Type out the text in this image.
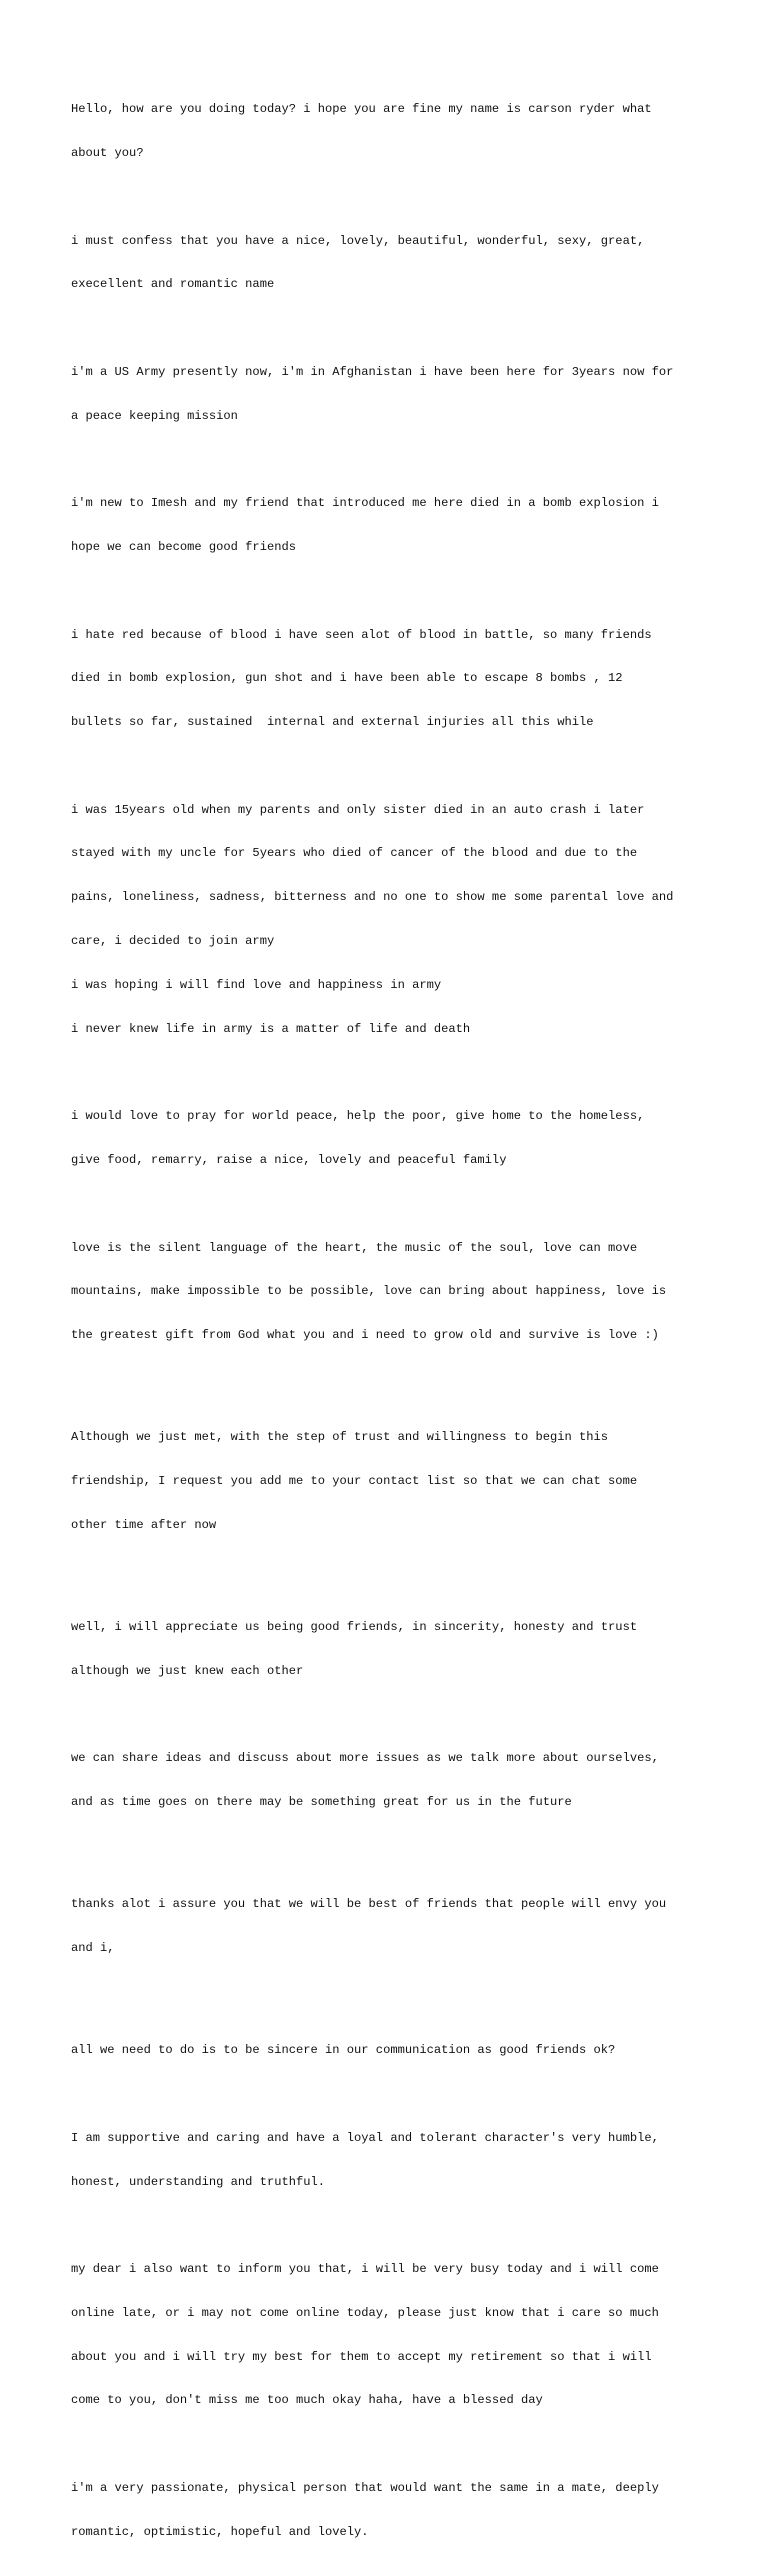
Hello, how are you doing today? i hope you are fine my name is carson ryder what

about you?

i must confess that you have a nice, lovely, beautiful, wonderful, sexy, great,

execellent and romantic name

i'm a US Army presently now, i'm in Afghanistan i have been here for 3years now for

a peace keeping mission

i'm new to Imesh and my friend that introduced me here died in a bomb explosion i

hope we can become good friends

i hate red because of blood i have seen alot of blood in battle, so many friends

died in bomb explosion, gun shot and i have been able to escape 8 bombs , 12

bullets so far, sustained  internal and external injuries all this while

i was 15years old when my parents and only sister died in an auto crash i later

stayed with my uncle for 5years who died of cancer of the blood and due to the

pains, loneliness, sadness, bitterness and no one to show me some parental love and

care, i decided to join army

i was hoping i will find love and happiness in army

i never knew life in army is a matter of life and death

i would love to pray for world peace, help the poor, give home to the homeless,

give food, remarry, raise a nice, lovely and peaceful family

love is the silent language of the heart, the music of the soul, love can move

mountains, make impossible to be possible, love can bring about happiness, love is

the greatest gift from God what you and i need to grow old and survive is love :)

Although we just met, with the step of trust and willingness to begin this

friendship, I request you add me to your contact list so that we can chat some

other time after now

well, i will appreciate us being good friends, in sincerity, honesty and trust

although we just knew each other

we can share ideas and discuss about more issues as we talk more about ourselves,

and as time goes on there may be something great for us in the future

thanks alot i assure you that we will be best of friends that people will envy you

and i,

all we need to do is to be sincere in our communication as good friends ok?

I am supportive and caring and have a loyal and tolerant character's very humble,

honest, understanding and truthful.

my dear i also want to inform you that, i will be very busy today and i will come

online late, or i may not come online today, please just know that i care so much

about you and i will try my best for them to accept my retirement so that i will

come to you, don't miss me too much okay haha, have a blessed day

i'm a very passionate, physical person that would want the same in a mate, deeply

romantic, optimistic, hopeful and lovely.
